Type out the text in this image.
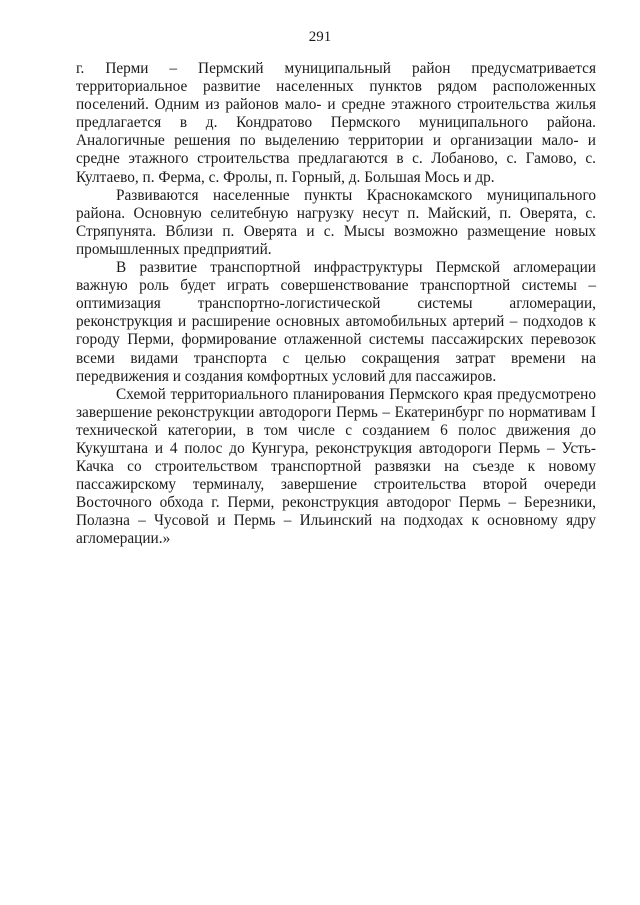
291

г. Перми – Пермский муниципальный район предусматривается территориальное развитие населенных пунктов рядом расположенных поселений. Одним из районов мало- и средне этажного строительства жилья предлагается в д. Кондратово Пермского муниципального района. Аналогичные решения по выделению территории и организации мало- и средне этажного строительства предлагаются в с. Лобаново, с. Гамово, с. Култаево, п. Ферма, с. Фролы, п. Горный, д. Большая Мось и др.

Развиваются населенные пункты Краснокамского муниципального района. Основную селитебную нагрузку несут п. Майский, п. Оверята, с. Стряпунята. Вблизи п. Оверята и с. Мысы возможно размещение новых промышленных предприятий.

В развитие транспортной инфраструктуры Пермской агломерации важную роль будет играть совершенствование транспортной системы – оптимизация транспортно-логистической системы агломерации, реконструкция и расширение основных автомобильных артерий – подходов к городу Перми, формирование отлаженной системы пассажирских перевозок всеми видами транспорта с целью сокращения затрат времени на передвижения и создания комфортных условий для пассажиров.

Схемой территориального планирования Пермского края предусмотрено завершение реконструкции автодороги Пермь – Екатеринбург по нормативам I технической категории, в том числе с созданием 6 полос движения до Кукуштана и 4 полос до Кунгура, реконструкция автодороги Пермь – Усть-Качка со строительством транспортной развязки на съезде к новому пассажирскому терминалу, завершение строительства второй очереди Восточного обхода г. Перми, реконструкция автодорог Пермь – Березники, Полазна – Чусовой и Пермь – Ильинский на подходах к основному ядру агломерации.»
